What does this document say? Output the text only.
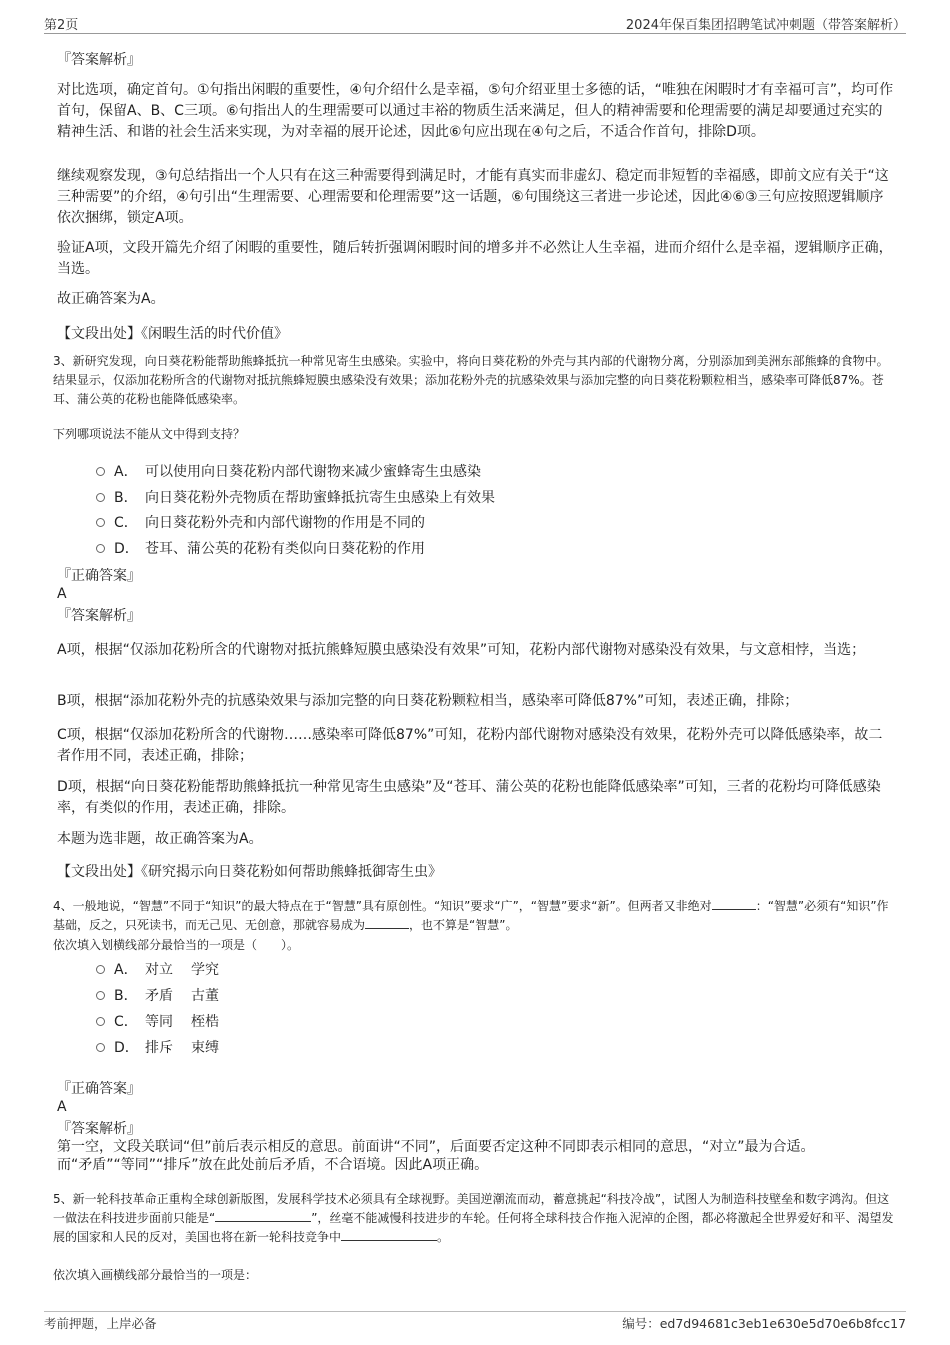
第2页	2024年保百集团招聘笔试冲刺题（带答案解析）
『答案解析』
对比选项，确定首句。①句指出闲暇的重要性，④句介绍什么是幸福，⑤句介绍亚里士多德的话，“唯独在闲暇时才有幸福可言”，均可作首句，保留A、B、C三项。⑥句指出人的生理需要可以通过丰裕的物质生活来满足，但人的精神需要和伦理需要的满足却要通过充实的精神生活、和谐的社会生活来实现，为对幸福的展开论述，因此⑥句应出现在④句之后，不适合作首句，排除D项。
继续观察发现，③句总结指出一个人只有在这三种需要得到满足时，才能有真实而非虚幻、稳定而非短暂的幸福感，即前文应有关于“这三种需要”的介绍，④句引出“生理需要、心理需要和伦理需要”这一话题，⑥句围绕这三者进一步论述，因此④⑥③三句应按照逻辑顺序依次捆绑，锁定A项。
验证A项，文段开篇先介绍了闲暇的重要性，随后转折强调闲暇时间的增多并不必然让人生幸福，进而介绍什么是幸福，逻辑顺序正确，当选。
故正确答案为A。
【文段出处】《闲暇生活的时代价值》
3、新研究发现，向日葵花粉能帮助熊蜂抵抗一种常见寄生虫感染。实验中，将向日葵花粉的外壳与其内部的代谢物分离，分别添加到美洲东部熊蜂的食物中。结果显示，仅添加花粉所含的代谢物对抵抗熊蜂短膜虫感染没有效果；添加花粉外壳的抗感染效果与添加完整的向日葵花粉颗粒相当，感染率可降低87%。苍耳、蒲公英的花粉也能降低感染率。
下列哪项说法不能从文中得到支持？
A． 可以使用向日葵花粉内部代谢物来减少蜜蜂寄生虫感染
B． 向日葵花粉外壳物质在帮助蜜蜂抵抗寄生虫感染上有效果
C． 向日葵花粉外壳和内部代谢物的作用是不同的
D． 苍耳、蒲公英的花粉有类似向日葵花粉的作用
『正确答案』
A
『答案解析』
A项，根据“仅添加花粉所含的代谢物对抵抗熊蜂短膜虫感染没有效果”可知，花粉内部代谢物对感染没有效果，与文意相悖，当选；
B项，根据“添加花粉外壳的抗感染效果与添加完整的向日葵花粉颗粒相当，感染率可降低87%”可知，表述正确，排除；
C项，根据“仅添加花粉所含的代谢物……感染率可降低87%”可知，花粉内部代谢物对感染没有效果，花粉外壳可以降低感染率，故二者作用不同，表述正确，排除；
D项，根据“向日葵花粉能帮助熊蜂抵抗一种常见寄生虫感染”及“苍耳、蒲公英的花粉也能降低感染率”可知，三者的花粉均可降低感染率，有类似的作用，表述正确，排除。
本题为选非题，故正确答案为A。
【文段出处】《研究揭示向日葵花粉如何帮助熊蜂抵御寄生虫》
4、一般地说，“智慧”不同于“知识”的最大特点在于“智慧”具有原创性。“知识”要求“广”，“智慧”要求“新”。但两者又非绝对	：“智慧”必须有“知识”作基础，反之，只死读书，而无己见、无创意，那就容易成为	，也不算是“智慧”。
依次填入划横线部分最恰当的一项是（　　）。
A． 对立	学究
B． 矛盾	古董
C． 等同	桎梏
D． 排斥	束缚
『正确答案』
A
『答案解析』
第一空，文段关联词“但”前后表示相反的意思。前面讲“不同”，后面要否定这种不同即表示相同的意思，“对立”最为合适。
而“矛盾”“等同”“排斥”放在此处前后矛盾，不合语境。因此A项正确。
5、新一轮科技革命正重构全球创新版图，发展科学技术必须具有全球视野。美国逆潮流而动，蓄意挑起“科技冷战”，试图人为制造科技壁垒和数字鸿沟。但这一做法在科技进步面前只能是“	”，丝毫不能减慢科技进步的车轮。任何将全球科技合作拖入泥淖的企图，都必将激起全世界爱好和平、渴望发展的国家和人民的反对，美国也将在新一轮科技竞争中	。
依次填入画横线部分最恰当的一项是：
考前押题，上岸必备	编号：ed7d94681c3eb1e630e5d70e6b8fcc17
